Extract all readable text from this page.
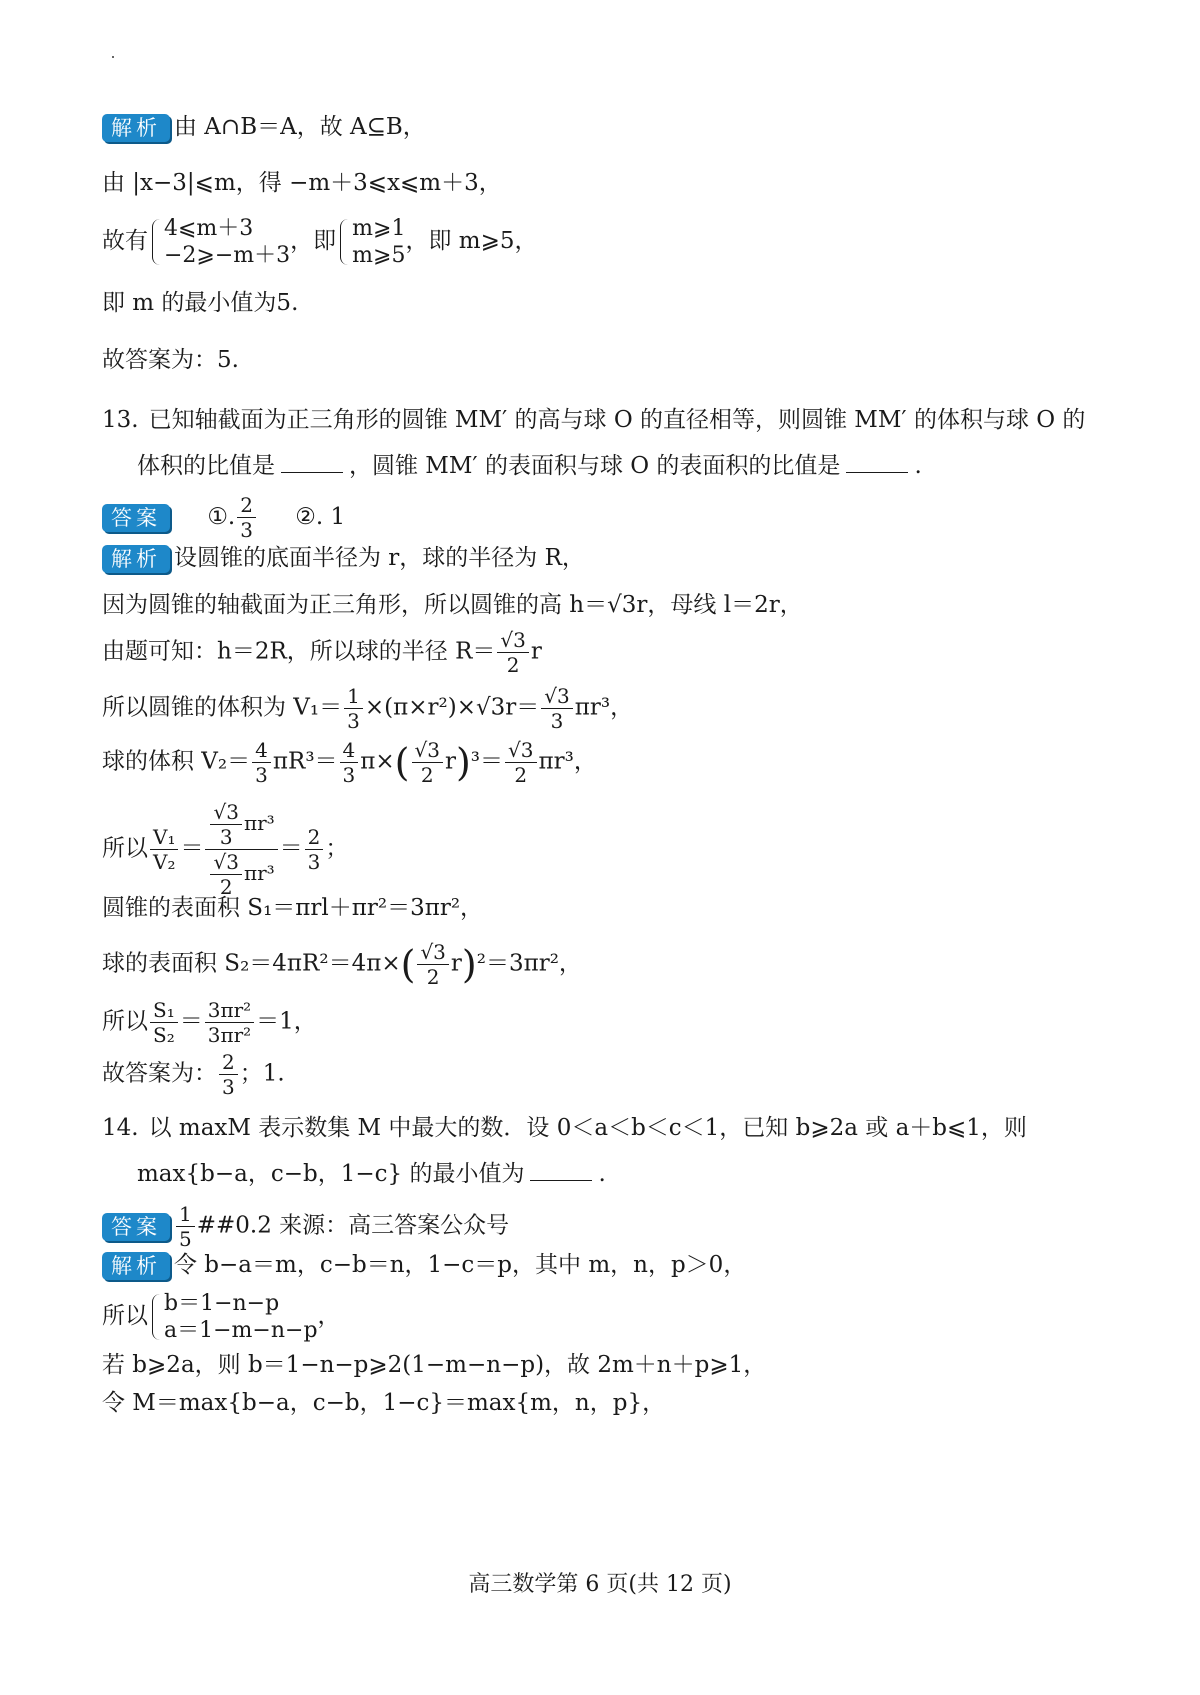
解析 由 A∩B＝A，故 A⊆B，
由 |x−3|⩽m，得 −m＋3⩽x⩽m＋3，
故有 4⩽m＋3
−2⩾−m＋3
，即 m⩾1
m⩾5
，即 m⩾5，
即 m 的最小值为5.
故答案为：5.
13. 已知轴截面为正三角形的圆锥 MM′ 的高与球 O 的直径相等，则圆锥 MM′ 的体积与球 O 的
体积的比值是	，圆锥 MM′ 的表面积与球 O 的表面积的比值是	.
答案 ①. $\frac{2}{3}$ ②. 1
解析 设圆锥的底面半径为 r，球的半径为 R，
因为圆锥的轴截面为正三角形，所以圆锥的高 h＝√3r，母线 l＝2r，
由题可知：h＝2R，所以球的半径 $R= \frac{√3}{2}$ r
所以圆锥的体积为 $V_1= \frac{1}{3} \times(\pi\times r^2)\times√3r= \frac{√3}{3} \pi r^3$，
球的体积 $V_2= \frac{4}{3} \pi R^3= \frac{4}{3} \pi\times( \frac{√3}{2} r)^3= \frac{√3}{2} \pi r^3$，
所以 $\frac{\text{V₁}}{\text{V₂}} = \frac{\frac{√3}{3} \pi r^3}{\frac{√3}{2} \pi r^3} = \frac{2}{3}$ ；
圆锥的表面积 S₁＝πrl＋πr²＝3πr²，
球的表面积 $S_2=4\pi R^2=4\pi\times( \frac{√3}{2} r)^2=3\pi r^2$，
所以 $\frac{\text{S₁}}{\text{S₂}} = \frac{\text{3πr²}}{\text{3πr²}} =1$，
故答案为： $\frac{2}{3}$ ；1.
14. 以 maxM 表示数集 M 中最大的数．设 0＜a＜b＜c＜1，已知 b⩾2a 或 a＋b⩽1，则
max{b−a，c−b，1−c} 的最小值为	.
答案 $\frac{1}{5}$ ##0.2 来源：高三答案公众号
解析 令 b−a＝m，c−b＝n，1−c＝p，其中 m，n，p＞0，
所以 b＝1−n−p
a＝1−m−n−p
，
若 b⩾2a，则 b＝1−n−p⩾2(1−m−n−p)，故 2m＋n＋p⩾1，
令 M＝max{b−a，c−b，1−c}＝max{m，n，p}，
高三数学第 6 页(共 12 页)
